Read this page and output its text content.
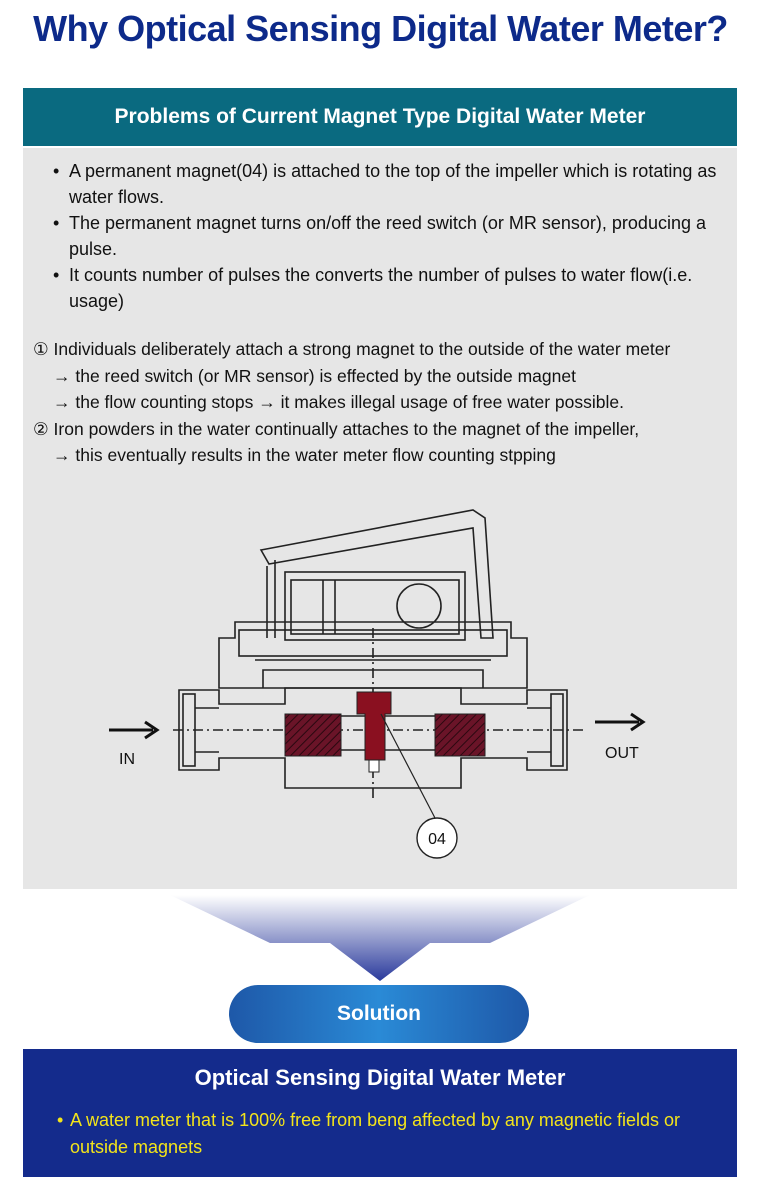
Why Optical Sensing Digital Water Meter?
Problems of Current Magnet Type Digital Water Meter
• A permanent magnet(04) is attached to the top of the impeller which is rotating as water flows.
• The permanent magnet turns on/off the reed switch (or MR sensor), producing a pulse.
• It counts number of pulses the converts the number of pulses to water flow(i.e. usage)
① Individuals deliberately attach a strong magnet to the outside of the water meter
→ the reed switch (or MR sensor) is effected by the outside magnet
→ the flow counting stops → it makes illegal usage of free water possible.
② Iron powders in the water continually attaches to the magnet of the impeller,
→ this eventually results in the water meter flow counting stpping
04
IN	OUT
Solution
Optical Sensing Digital Water Meter

• A water meter that is 100% free from beng affected by any magnetic fields or outside magnets
